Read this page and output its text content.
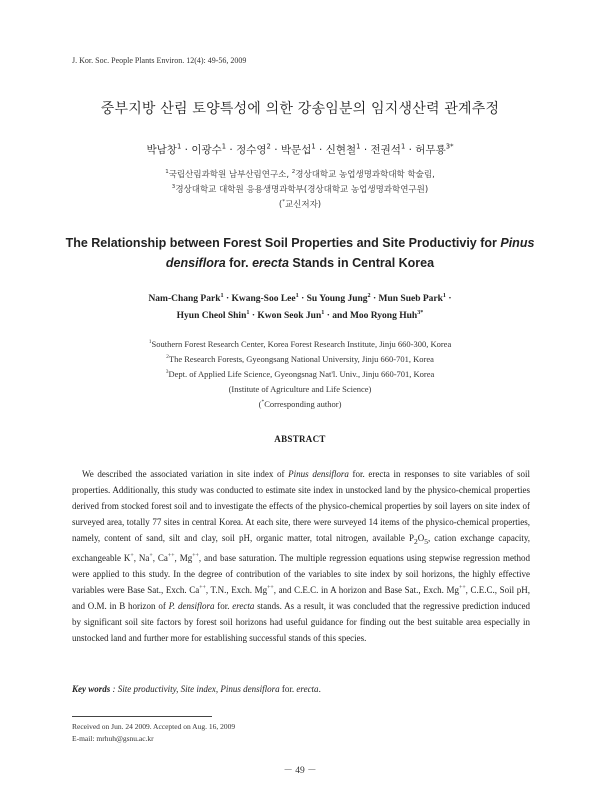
J. Kor. Soc. People Plants Environ. 12(4): 49-56, 2009
중부지방 산림 토양특성에 의한 강송임분의 임지생산력 관계추정
박남창$^1$ · 이광수$^1$ · 정수영$^2$ · 박문섭$^1$ · 신현철$^1$ · 전권석$^1$ · 허무룡$^{3*}$
$^1$국립산림과학원 남부산림연구소, $^2$경상대학교 농업생명과학대학 학술림,
$^3$경상대학교 대학원 응용생명과학부(경상대학교 농업생명과학연구원)
(*교신저자)
The Relationship between Forest Soil Properties and Site Productiviy for Pinus
densiflora for. erecta Stands in Central Korea
Nam-Chang Park$^1$ · Kwang-Soo Lee$^1$ · Su Young Jung$^2$ · Mun Sueb Park$^1$ ·
Hyun Cheol Shin$^1$ · Kwon Seok Jun$^1$ · and Moo Ryong Huh$^{3*}$
$^1$Southern Forest Research Center, Korea Forest Research Institute, Jinju 660-300, Korea
$^2$The Research Forests, Gyeongsang National University, Jinju 660-701, Korea
$^3$Dept. of Applied Life Science, Gyeongsnag Nat'l. Univ., Jinju 660-701, Korea
(Institute of Agriculture and Life Science)
(*Corresponding author)
ABSTRACT
We described the associated variation in site index of Pinus densiflora for. erecta in responses to site variables of soil properties. Additionally, this study was conducted to estimate site index in unstocked land by the physico-chemical properties derived from stocked forest soil and to investigate the effects of the physico-chemical properties by soil layers on site index of surveyed area, totally 77 sites in central Korea. At each site, there were surveyed 14 items of the physico-chemical properties, namely, content of sand, silt and clay, soil pH, organic matter, total nitrogen, available $P_2O_5$, cation exchange capacity, exchangeable K+, Na+, Ca++, Mg++, and base saturation. The multiple regression equations using stepwise regression method were applied to this study. In the degree of contribution of the variables to site index by soil horizons, the highly effective variables were Base Sat., Exch. Ca++, T.N., Exch. Mg++, and C.E.C. in A horizon and Base Sat., Exch. Mg++, C.E.C., Soil pH, and O.M. in B horizon of P. densiflora for. erecta stands. As a result, it was concluded that the regressive prediction induced by significant soil site factors by forest soil horizons had useful guidance for finding out the best suitable area especially in unstocked land and further more for establishing successful stands of this species.
Key words : Site productivity, Site index, Pinus densiflora for. erecta.
Received on Jun. 24 2009. Accepted on Aug. 16, 2009
E-mail: mrhuh@gsnu.ac.kr
－ 49 －
